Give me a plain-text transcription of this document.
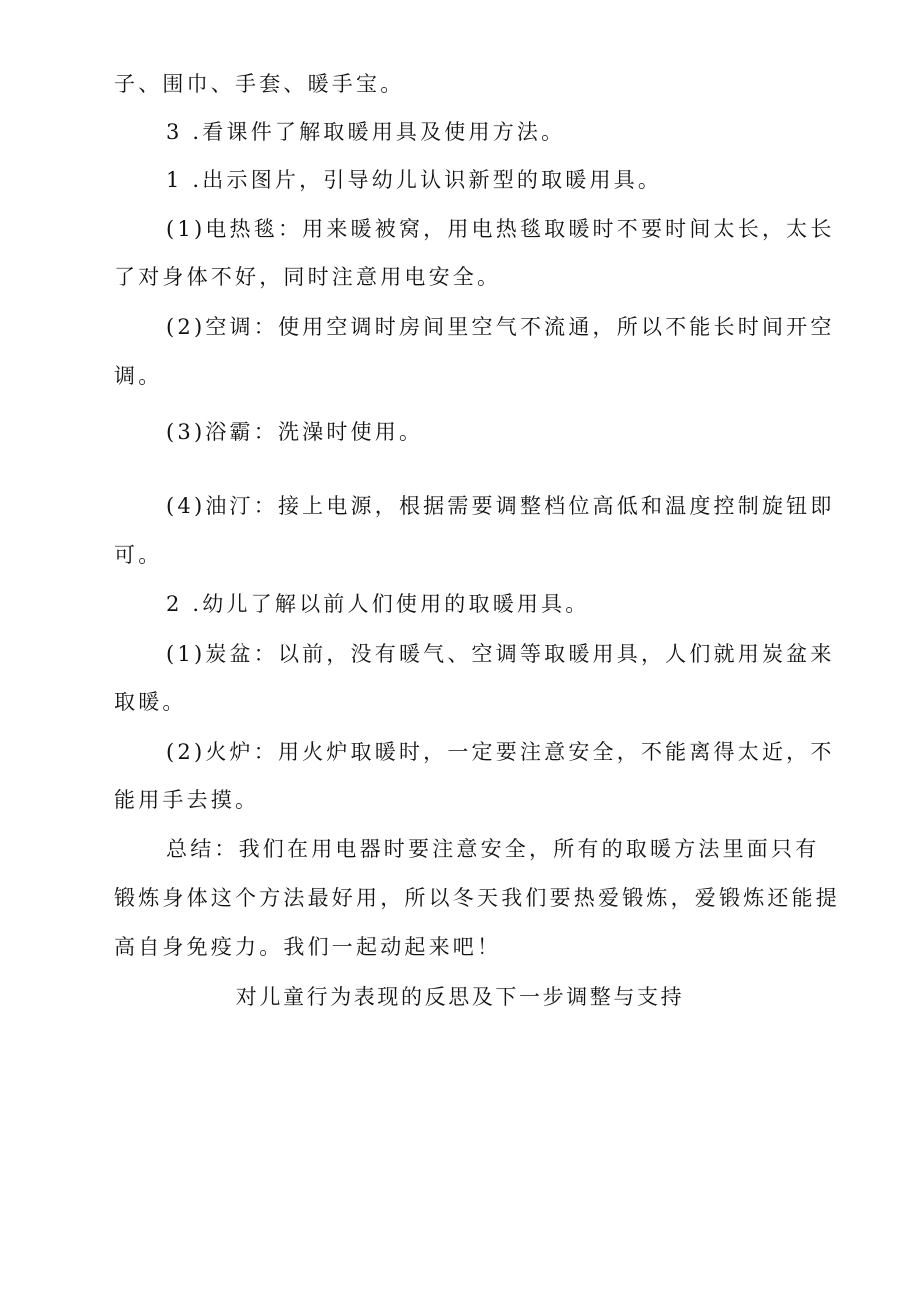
子、围巾、手套、暖手宝。
3 .看课件了解取暖用具及使用方法。
1 .出示图片，引导幼儿认识新型的取暖用具。
(1)电热毯：用来暖被窝，用电热毯取暖时不要时间太长，太长
了对身体不好，同时注意用电安全。
(2)空调：使用空调时房间里空气不流通，所以不能长时间开空
调。
(3)浴霸：洗澡时使用。
(4)油汀：接上电源，根据需要调整档位高低和温度控制旋钮即
可。
2 .幼儿了解以前人们使用的取暖用具。
(1)炭盆：以前，没有暖气、空调等取暖用具，人们就用炭盆来
取暖。
(2)火炉：用火炉取暖时，一定要注意安全，不能离得太近，不
能用手去摸。
总结：我们在用电器时要注意安全，所有的取暖方法里面只有
锻炼身体这个方法最好用，所以冬天我们要热爱锻炼，爱锻炼还能提
高自身免疫力。我们一起动起来吧！
对儿童行为表现的反思及下一步调整与支持
